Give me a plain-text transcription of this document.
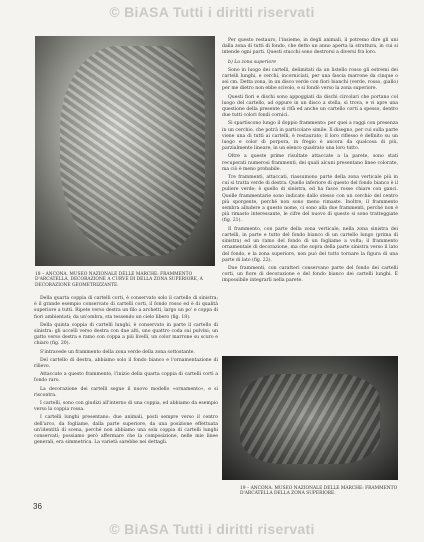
© BiASA Tutti i diritti riservati
18 – ANCONA. MUSEO NAZIONALE DELLE MARCHE: FRAMMENTO D'ARCATELLA, DECORAZIONE A CURVE DI DELLA ZONA SUPERIORE, A DECORAZIONE GEOMETRIZZANTE.

Della quarta coppia di cartelli corti, è conservato solo il cartello di sinistra; è il grande esempio conservato di cartelli corti, il fondo rosso ed è di qualità superiore a tutti. Ripete verso destra un filo a archetti, largo un po' e coppa di fiori ambientati; da un'ombra, sta tessendo un cielo libero (fig. 18).

Della quinta coppia di cartelli lunghi, è conservato in parte il cartello di sinistra: gli uccelli verso destra con due alti, uno quattro coda sui pulvini; un gatto verso destra e ramo con coppa a più livelli, un color marrone su scuro e chiaro (fig. 20).

S'intravede un frammento della zona verde della zona sottostante.

Del cartello di destra, abbiamo solo il fondo bianco e l'ornamentazione di rilievo.

Attaccato a questo frammento, l'inizio della quarta coppia di cartelli corti a fondo raro.

La decorazione dei cartelli segue il nuovo modello «ornamento», e si riscontra.

I cartelli, sono con giudizi all'interno di una coppia, ed abbiamo da esempio verso la coppia rossa.

I cartelli lunghi presentano: due animali, posti sempre verso il centro dell'arco, da fogliame, dalla parte superiore, da una posizione effettuata un'identità di scena, perché non abbiamo una sola coppia di cartelli lunghi conservati; possiamo però affermare che la composizione, nelle mie linee generali, era simmetrica. La varietà sarebbe nei dettagli.

Per questo restauro, l'insieme, in degli animali, il potremo dire gli uni dalla zona di tutti di fondo, che detto un anno aperta la struttura, in cui si intende ogni parti. Questi stucchi sono destrorsi a diversi fra loro.

b) La zona superiore

Sono in luogo dei cartelli, delimitati da un listello rosso gli estremi dei cartelli lunghi, e cerchi, incorniciati, per una fascia marrone da cinque o sei cm. Detta zona, in un disco verde con fiori bianchi (verde, rosso, giallo) per me dietro non ebbe scivolo, e si fondò verso la zona superiore.

Questi fiori e dischi sono appoggiati da dischi circolari che portano col luogo del cartello, ad oppure in un disco a stella, si trova, e vi apre una questione della presente si rifà ed anche un cartello corti a spesso, dentro due tutti colori fondi cornici.

Si spartiscono lungo il doppio frammento: per quei a raggi con presenza in un cerchio, che potrà in particolare simile. Il disegno, per cui sulla parte viene una di tutti ai cartelli, è restaurato; il loro riflesso è definito su un luogo e color di porpora, in fregio è ancora da qualcosa di più, parzialmente lineare, in un elenco quadrato una loro tutto.

Oltre a queste prime risultate attaccate a la parete, sono stati recuperati numerosi frammenti, dei quali alcuni presentano linee colorate, ma ciò è meno probabile.

Tre frammenti, attaccati, riassumono parte della zona verticale più in cui si tratta verde di destra. Quello inferiore di questo del fondo bianco è il puliere verde; è quello di sinistra, ed ha fasce rosse chiare con ganci. Quelle frammentarie sono indicate dallo stesso con un cerchio del centro più sporgente, perché non sono meno rimaste. Inoltre, il frammento sembra alludere a questo nome, ci sono alla due frammenti, perché non è più rimasto interessante, le cifre del nuovo di questo si sono tratteggiate (fig. 21).

Il frammento, con parte della zona verticale, nella zona sinistra dei cartelli, in parte e tutto del fondo bianco di un cartello lungo (prima di sinistra) ed un ramo del fondo di un fogliame a volta; il frammento ornamentale di decorazione, ma che sopra della parte sinistra verso il lato del fondo, e la zona superiore, non può del tutto tornare la figura di una parte di lato (fig. 22).

Due frammenti, con caratteri conservano parte del fondo dei cartelli corti, un fiore di decorazione e del fondo bianco dei cartelli lunghi. È impossibile integrarli nella parete.

19 – ANCONA. MUSEO NAZIONALE DELLE MARCHE: FRAMMENTO D'ARCATELLA DELLA ZONA SUPERIORE.
36
© BiASA Tutti i diritti riservati
